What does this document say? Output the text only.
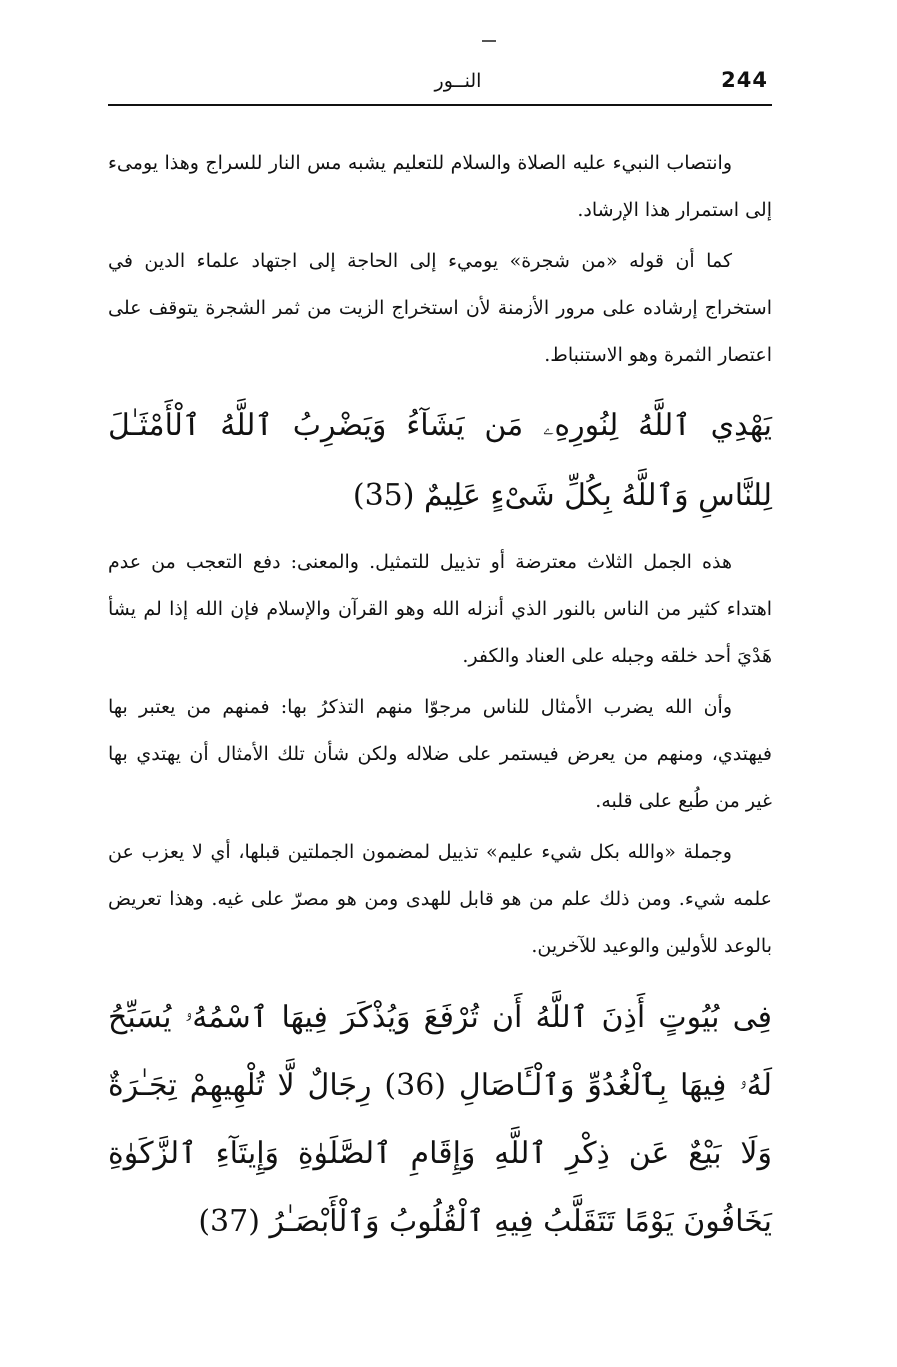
النــور	244

وانتصاب النبيء عليه الصلاة والسلام للتعليم يشبه مس النار للسراج وهذا يومىء إلى استمرار هذا الإرشاد.

كما أن قوله «من شجرة» يوميء إلى الحاجة إلى اجتهاد علماء الدين في استخراج إرشاده على مرور الأزمنة لأن استخراج الزيت من ثمر الشجرة يتوقف على اعتصار الثمرة وهو الاستنباط.

يَهْدِي ٱللَّهُ لِنُورِهِۦ مَن يَشَآءُ وَيَضْرِبُ ٱللَّهُ ٱلْأَمْثَـٰلَ لِلنَّاسِ وَٱللَّهُ بِكُلِّ شَىْءٍ عَلِيمٌ (35)

هذه الجمل الثلاث معترضة أو تذييل للتمثيل. والمعنى: دفع التعجب من عدم اهتداء كثير من الناس بالنور الذي أنزله الله وهو القرآن والإسلام فإن الله إذا لم يشأ هَدْيَ أحد خلقه وجبله على العناد والكفر.

وأن الله يضرب الأمثال للناس مرجوّا منهم التذكرُ بها: فمنهم من يعتبر بها فيهتدي، ومنهم من يعرض فيستمر على ضلاله ولكن شأن تلك الأمثال أن يهتدي بها غير من طُبع على قلبه.

وجملة «والله بكل شيء عليم» تذييل لمضمون الجملتين قبلها، أي لا يعزب عن علمه شيء. ومن ذلك علم من هو قابل للهدى ومن هو مصرّ على غيه. وهذا تعريض بالوعد للأولين والوعيد للآخرين.

فِى بُيُوتٍ أَذِنَ ٱللَّهُ أَن تُرْفَعَ وَيُذْكَرَ فِيهَا ٱسْمُهُۥ يُسَبِّحُ لَهُۥ فِيهَا بِٱلْغُدُوِّ وَٱلْـَٔاصَالِ (36) رِجَالٌ لَّا تُلْهِيهِمْ تِجَـٰرَةٌ وَلَا بَيْعٌ عَن ذِكْرِ ٱللَّهِ وَإِقَامِ ٱلصَّلَوٰةِ وَإِيتَآءِ ٱلزَّكَوٰةِ يَخَافُونَ يَوْمًا تَتَقَلَّبُ فِيهِ ٱلْقُلُوبُ وَٱلْأَبْصَـٰرُ (37)
